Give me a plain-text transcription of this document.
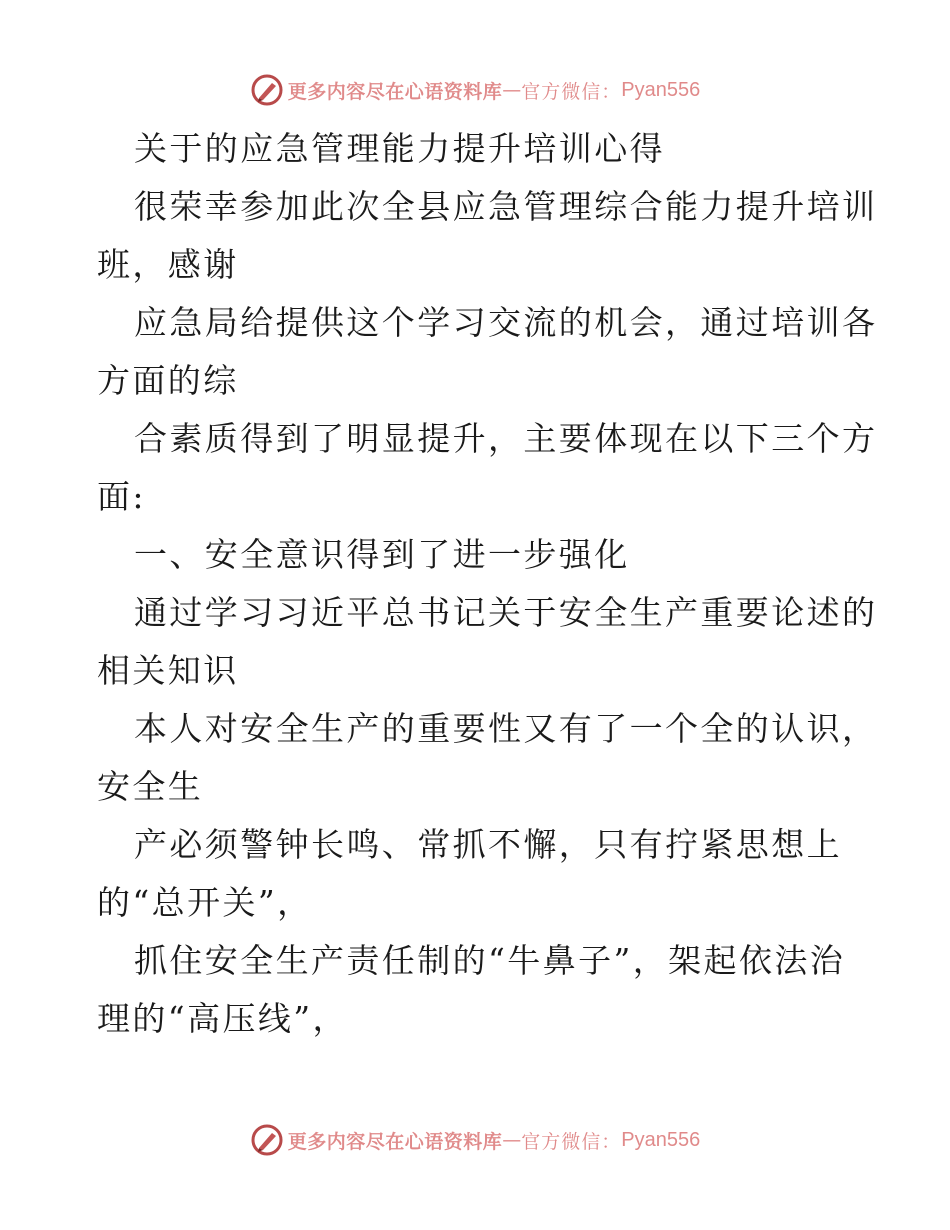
更多内容尽在心语资料库 — 官方微信： Pyan556
关于的应急管理能力提升培训心得
很荣幸参加此次全县应急管理综合能力提升培训
班，感谢
应急局给提供这个学习交流的机会，通过培训各
方面的综
合素质得到了明显提升，主要体现在以下三个方
面:
一、安全意识得到了进一步强化
通过学习习近平总书记关于安全生产重要论述的
相关知识
本人对安全生产的重要性又有了一个全的认识，
安全生
产必须警钟长鸣、常抓不懈，只有拧紧思想上
的“总开关”，
抓住安全生产责任制的“牛鼻子”，架起依法治
理的“高压线”，
更多内容尽在心语资料库 — 官方微信： Pyan556
